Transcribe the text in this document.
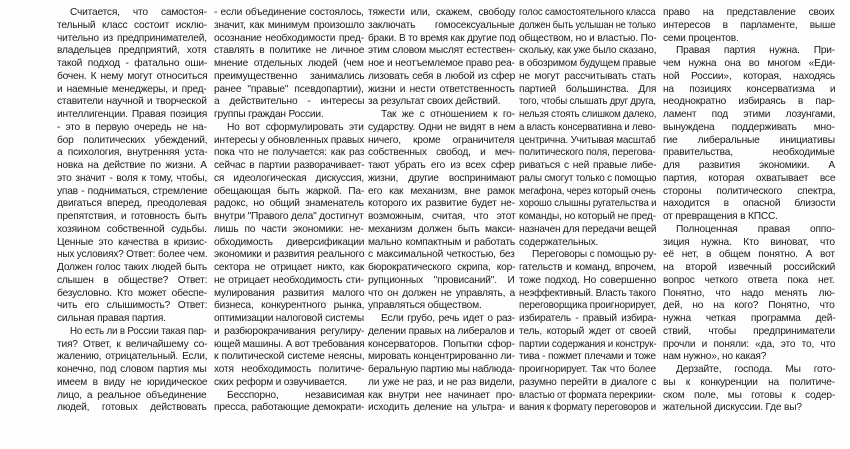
Считается, что самостоя-
тельный класс состоит исклю-
чительно из предпринимателей,
владельцев предприятий, хотя
такой подход - фатально оши-
бочен. К нему могут относиться
и наемные менеджеры, и пред-
ставители научной и творческой
интеллигенции. Правая позиция
- это в первую очередь не на-
бор политических убеждений,
а психология, внутренняя уста-
новка на действие по жизни. А
это значит - воля к тому, чтобы,
упав - подниматься, стремление
двигаться вперед, преодолевая
препятствия, и готовность быть
хозяином собственной судьбы.
Ценные это качества в кризис-
ных условиях? Ответ: более чем.
Должен голос таких людей быть
слышен в обществе? Ответ:
безусловно. Кто может обеспе-
чить его слышимость? Ответ:
сильная правая партия.
Но есть ли в России такая пар-
тия? Ответ, к величайшему со-
жалению, отрицательный. Если,
конечно, под словом партия мы
имеем в виду не юридическое
лицо, а реальное объединение
людей, готовых действовать
- если объединение состоялось,
значит, как минимум произошло
осознание необходимости пред-
ставлять в политике не личное
мнение отдельных людей (чем
преимущественно занимались
ранее "правые" псевдопартии),
а действительно - интересы
группы граждан России.
Но вот сформулировать эти
интересы у обновленных правых
пока что не получается: как раз
сейчас в партии разворачивает-
ся идеологическая дискуссия,
обещающая быть жаркой. Па-
радокс, но общий знаменатель
внутри "Правого дела" достигнут
лишь по части экономики: не-
обходимость диверсификации
экономики и развития реального
сектора не отрицает никто, как
не отрицает необходимость сти-
мулирования развития малого
бизнеса, конкурентного рынка,
оптимизации налоговой системы
и разбюрокрачивания регулиру-
ющей машины. А вот требования
к политической системе неясны,
хотя необходимость политиче-
ских реформ и озвучивается.
Бесспорно, независимая
пресса, работающие демократи-
тяжести или, скажем, свободу
заключать гомосексуальные
браки. В то время как другие под
этим словом мыслят естествен-
ное и неотъемлемое право реа-
лизовать себя в любой из сфер
жизни и нести ответственность
за результат своих действий.
Так же с отношением к го-
сударству. Одни не видят в нем
ничего, кроме ограничителя
собственных свобод, и меч-
тают убрать его из всех сфер
жизни, другие воспринимают
его как механизм, вне рамок
которого их развитие будет не-
возможным, считая, что этот
механизм должен быть макси-
мально компактным и работать
с максимальной четкостью, без
бюрократического скрипа, кор-
рупционных "провисаний". И
что он должен не управлять, а
управляться обществом.
Если грубо, речь идет о раз-
делении правых на либералов и
консерваторов. Попытки сфор-
мировать концентрированно ли-
беральную партию мы наблюда-
ли уже не раз, и не раз видели,
как внутри нее начинает про-
исходить деление на ультра- и
голос самостоятельного класса
должен быть услышан не только
обществом, но и властью. По-
скольку, как уже было сказано,
в обозримом будущем правые
не могут рассчитывать стать
партией большинства. Для
того, чтобы слышать друг друга,
нельзя стоять слишком далеко,
а власть консервативна и лево-
центрична. Учитывая масштаб
политического поля, перегова-
риваться с ней правые либе-
ралы смогут только с помощью
мегафона, через который очень
хорошо слышны ругательства и
команды, но который не пред-
назначен для передачи вещей
содержательных.
Переговоры с помощью ру-
гательств и команд, впрочем,
тоже подход. Но совершенно
неэффективный. Власть такого
переговорщика проигнорирует,
избиратель - правый избира-
тель, который ждет от своей
партии содержания и конструк-
тива - пожмет плечами и тоже
проигнорирует. Так что более
разумно перейти в диалоге с
властью от формата перекрики-
вания к формату переговоров и
право на представление своих
интересов в парламенте, выше
семи процентов.
Правая партия нужна. При-
чем нужна она во многом «Еди-
ной России», которая, находясь
на позициях консерватизма и
неоднократно избираясь в пар-
ламент под этими лозунгами,
вынуждена поддерживать мно-
гие либеральные инициативы
правительства, необходимые
для развития экономики. А
партия, которая охватывает все
стороны политического спектра,
находится в опасной близости
от превращения в КПСС.
Полноценная правая оппо-
зиция нужна. Кто виноват, что
её нет, в общем понятно. А вот
на второй извечный российский
вопрос четкого ответа пока нет.
Понятно, что надо менять лю-
дей, но на кого? Понятно, что
нужна четкая программа дей-
ствий, чтобы предприниматели
прочли и поняли: «да, это то, что
нам нужно», но какая?
Дерзайте, господа. Мы гото-
вы к конкуренции на политиче-
ском поле, мы готовы к содер-
жательной дискуссии. Где вы?
